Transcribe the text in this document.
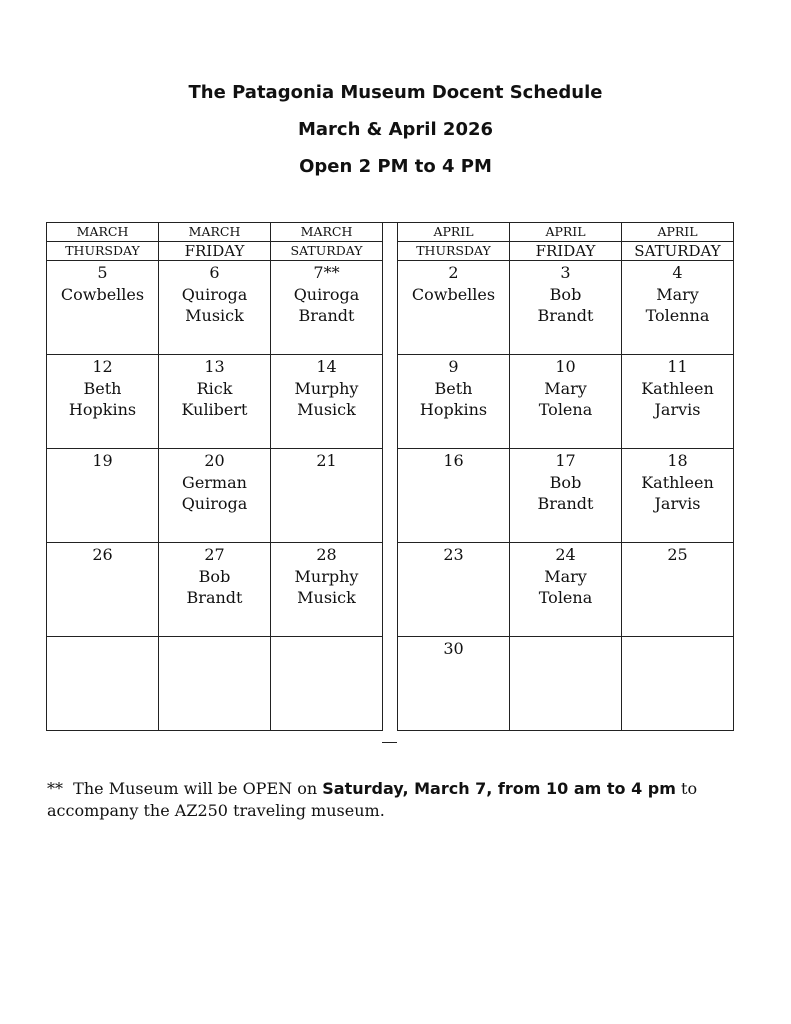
The Patagonia Museum Docent Schedule
March & April 2026
Open 2 PM to 4 PM
MARCH	MARCH	MARCH
THURSDAY	FRIDAY	SATURDAY

5
Cowbelles	6
Quiroga
Musick	7**
Quiroga
Brandt

12
Beth
Hopkins	13
Rick
Kulibert	14
Murphy
Musick

19	20
German
Quiroga	21

26	27
Bob
Brandt	28
Murphy
Musick

APRIL	APRIL	APRIL
THURSDAY	FRIDAY	SATURDAY

2
Cowbelles	3
Bob
Brandt	4
Mary
Tolenna

9
Beth
Hopkins	10
Mary
Tolena	11
Kathleen
Jarvis

16	17
Bob
Brandt	18
Kathleen
Jarvis

23	24
Mary
Tolena	25

30		

** The Museum will be OPEN on Saturday, March 7, from 10 am to 4 pm to accompany the AZ250 traveling museum.
